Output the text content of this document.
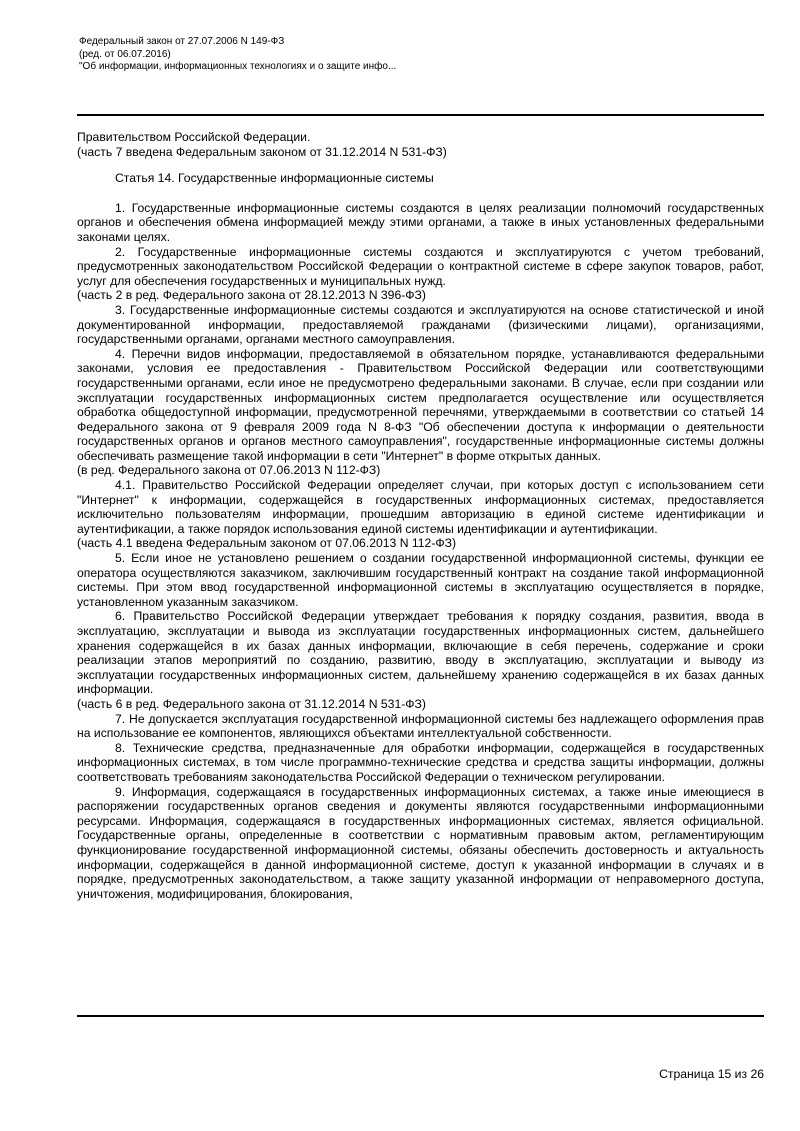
Федеральный закон от 27.07.2006 N 149-ФЗ
(ред. от 06.07.2016)
"Об информации, информационных технологиях и о защите инфо...

Правительством Российской Федерации.

(часть 7 введена Федеральным законом от 31.12.2014 N 531-ФЗ)

Статья 14. Государственные информационные системы

1. Государственные информационные системы создаются в целях реализации полномочий государственных органов и обеспечения обмена информацией между этими органами, а также в иных установленных федеральными законами целях.

2. Государственные информационные системы создаются и эксплуатируются с учетом требований, предусмотренных законодательством Российской Федерации о контрактной системе в сфере закупок товаров, работ, услуг для обеспечения государственных и муниципальных нужд.

(часть 2 в ред. Федерального закона от 28.12.2013 N 396-ФЗ)

3. Государственные информационные системы создаются и эксплуатируются на основе статистической и иной документированной информации, предоставляемой гражданами (физическими лицами), организациями, государственными органами, органами местного самоуправления.

4. Перечни видов информации, предоставляемой в обязательном порядке, устанавливаются федеральными законами, условия ее предоставления - Правительством Российской Федерации или соответствующими государственными органами, если иное не предусмотрено федеральными законами. В случае, если при создании или эксплуатации государственных информационных систем предполагается осуществление или осуществляется обработка общедоступной информации, предусмотренной перечнями, утверждаемыми в соответствии со статьей 14 Федерального закона от 9 февраля 2009 года N 8-ФЗ "Об обеспечении доступа к информации о деятельности государственных органов и органов местного самоуправления", государственные информационные системы должны обеспечивать размещение такой информации в сети "Интернет" в форме открытых данных.

(в ред. Федерального закона от 07.06.2013 N 112-ФЗ)

4.1. Правительство Российской Федерации определяет случаи, при которых доступ с использованием сети "Интернет" к информации, содержащейся в государственных информационных системах, предоставляется исключительно пользователям информации, прошедшим авторизацию в единой системе идентификации и аутентификации, а также порядок использования единой системы идентификации и аутентификации.

(часть 4.1 введена Федеральным законом от 07.06.2013 N 112-ФЗ)

5. Если иное не установлено решением о создании государственной информационной системы, функции ее оператора осуществляются заказчиком, заключившим государственный контракт на создание такой информационной системы. При этом ввод государственной информационной системы в эксплуатацию осуществляется в порядке, установленном указанным заказчиком.

6. Правительство Российской Федерации утверждает требования к порядку создания, развития, ввода в эксплуатацию, эксплуатации и вывода из эксплуатации государственных информационных систем, дальнейшего хранения содержащейся в их базах данных информации, включающие в себя перечень, содержание и сроки реализации этапов мероприятий по созданию, развитию, вводу в эксплуатацию, эксплуатации и выводу из эксплуатации государственных информационных систем, дальнейшему хранению содержащейся в их базах данных информации.

(часть 6 в ред. Федерального закона от 31.12.2014 N 531-ФЗ)

7. Не допускается эксплуатация государственной информационной системы без надлежащего оформления прав на использование ее компонентов, являющихся объектами интеллектуальной собственности.

8. Технические средства, предназначенные для обработки информации, содержащейся в государственных информационных системах, в том числе программно-технические средства и средства защиты информации, должны соответствовать требованиям законодательства Российской Федерации о техническом регулировании.

9. Информация, содержащаяся в государственных информационных системах, а также иные имеющиеся в распоряжении государственных органов сведения и документы являются государственными информационными ресурсами. Информация, содержащаяся в государственных информационных системах, является официальной. Государственные органы, определенные в соответствии с нормативным правовым актом, регламентирующим функционирование государственной информационной системы, обязаны обеспечить достоверность и актуальность информации, содержащейся в данной информационной системе, доступ к указанной информации в случаях и в порядке, предусмотренных законодательством, а также защиту указанной информации от неправомерного доступа, уничтожения, модифицирования, блокирования,

Страница 15 из 26
